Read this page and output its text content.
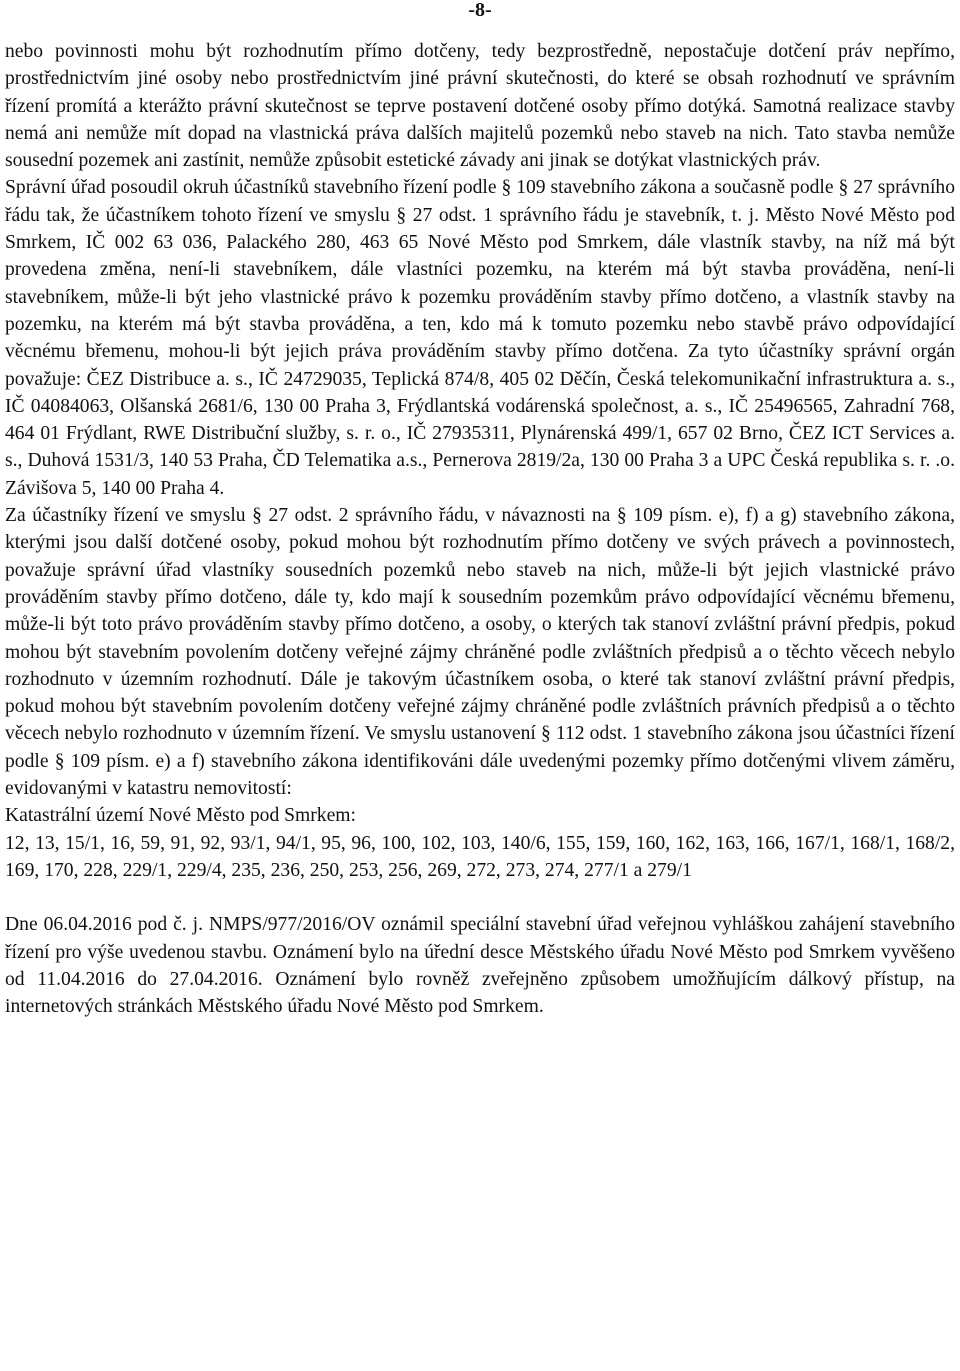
-8-

nebo povinnosti mohu být rozhodnutím přímo dotčeny, tedy bezprostředně, nepostačuje dotčení práv nepřímo, prostřednictvím jiné osoby nebo prostřednictvím jiné právní skutečnosti, do které se obsah rozhodnutí ve správním řízení promítá a kterážto právní skutečnost se teprve postavení dotčené osoby přímo dotýká. Samotná realizace stavby nemá ani nemůže mít dopad na vlastnická práva dalších majitelů pozemků nebo staveb na nich. Tato stavba nemůže sousední pozemek ani zastínit, nemůže způsobit estetické závady ani jinak se dotýkat vlastnických práv.

Správní úřad posoudil okruh účastníků stavebního řízení podle § 109 stavebního zákona a současně podle § 27 správního řádu tak, že účastníkem tohoto řízení ve smyslu § 27 odst. 1 správního řádu je stavebník, t. j. Město Nové Město pod Smrkem, IČ 002 63 036, Palackého 280, 463 65 Nové Město pod Smrkem, dále vlastník stavby, na níž má být provedena změna, není-li stavebníkem, dále vlastníci pozemku, na kterém má být stavba prováděna, není-li stavebníkem, může-li být jeho vlastnické právo k pozemku prováděním stavby přímo dotčeno, a vlastník stavby na pozemku, na kterém má být stavba prováděna, a ten, kdo má k tomuto pozemku nebo stavbě právo odpovídající věcnému břemenu, mohou-li být jejich práva prováděním stavby přímo dotčena. Za tyto účastníky správní orgán považuje: ČEZ Distribuce a. s., IČ 24729035, Teplická 874/8, 405 02 Děčín, Česká telekomunikační infrastruktura a. s., IČ 04084063, Olšanská 2681/6, 130 00 Praha 3, Frýdlantská vodárenská společnost, a. s., IČ 25496565, Zahradní 768, 464 01 Frýdlant, RWE Distribuční služby, s. r. o., IČ 27935311, Plynárenská 499/1, 657 02 Brno, ČEZ ICT Services a. s., Duhová 1531/3, 140 53 Praha, ČD Telematika a.s., Pernerova 2819/2a, 130 00 Praha 3 a UPC Česká republika s. r. .o. Závišova 5, 140 00 Praha 4.

Za účastníky řízení ve smyslu § 27 odst. 2 správního řádu, v návaznosti na § 109 písm. e), f) a g) stavebního zákona, kterými jsou další dotčené osoby, pokud mohou být rozhodnutím přímo dotčeny ve svých právech a povinnostech, považuje správní úřad vlastníky sousedních pozemků nebo staveb na nich, může-li být jejich vlastnické právo prováděním stavby přímo dotčeno, dále ty, kdo mají k sousedním pozemkům právo odpovídající věcnému břemenu, může-li být toto právo prováděním stavby přímo dotčeno, a osoby, o kterých tak stanoví zvláštní právní předpis, pokud mohou být stavebním povolením dotčeny veřejné zájmy chráněné podle zvláštních předpisů a o těchto věcech nebylo rozhodnuto v územním rozhodnutí. Dále je takovým účastníkem osoba, o které tak stanoví zvláštní právní předpis, pokud mohou být stavebním povolením dotčeny veřejné zájmy chráněné podle zvláštních právních předpisů a o těchto věcech nebylo rozhodnuto v územním řízení. Ve smyslu ustanovení § 112 odst. 1 stavebního zákona jsou účastníci řízení podle § 109 písm. e) a f) stavebního zákona identifikováni dále uvedenými pozemky přímo dotčenými vlivem záměru, evidovanými v katastru nemovitostí:

Katastrální území Nové Město pod Smrkem:

12, 13, 15/1, 16, 59, 91, 92, 93/1, 94/1, 95, 96, 100, 102, 103, 140/6, 155, 159, 160, 162, 163, 166, 167/1, 168/1, 168/2, 169, 170, 228, 229/1, 229/4, 235, 236, 250, 253, 256, 269, 272, 273, 274, 277/1 a 279/1

Dne 06.04.2016 pod č. j. NMPS/977/2016/OV oznámil speciální stavební úřad veřejnou vyhláškou zahájení stavebního řízení pro výše uvedenou stavbu. Oznámení bylo na úřední desce Městského úřadu Nové Město pod Smrkem vyvěšeno od 11.04.2016 do 27.04.2016. Oznámení bylo rovněž zveřejněno způsobem umožňujícím dálkový přístup, na internetových stránkách Městského úřadu Nové Město pod Smrkem.
